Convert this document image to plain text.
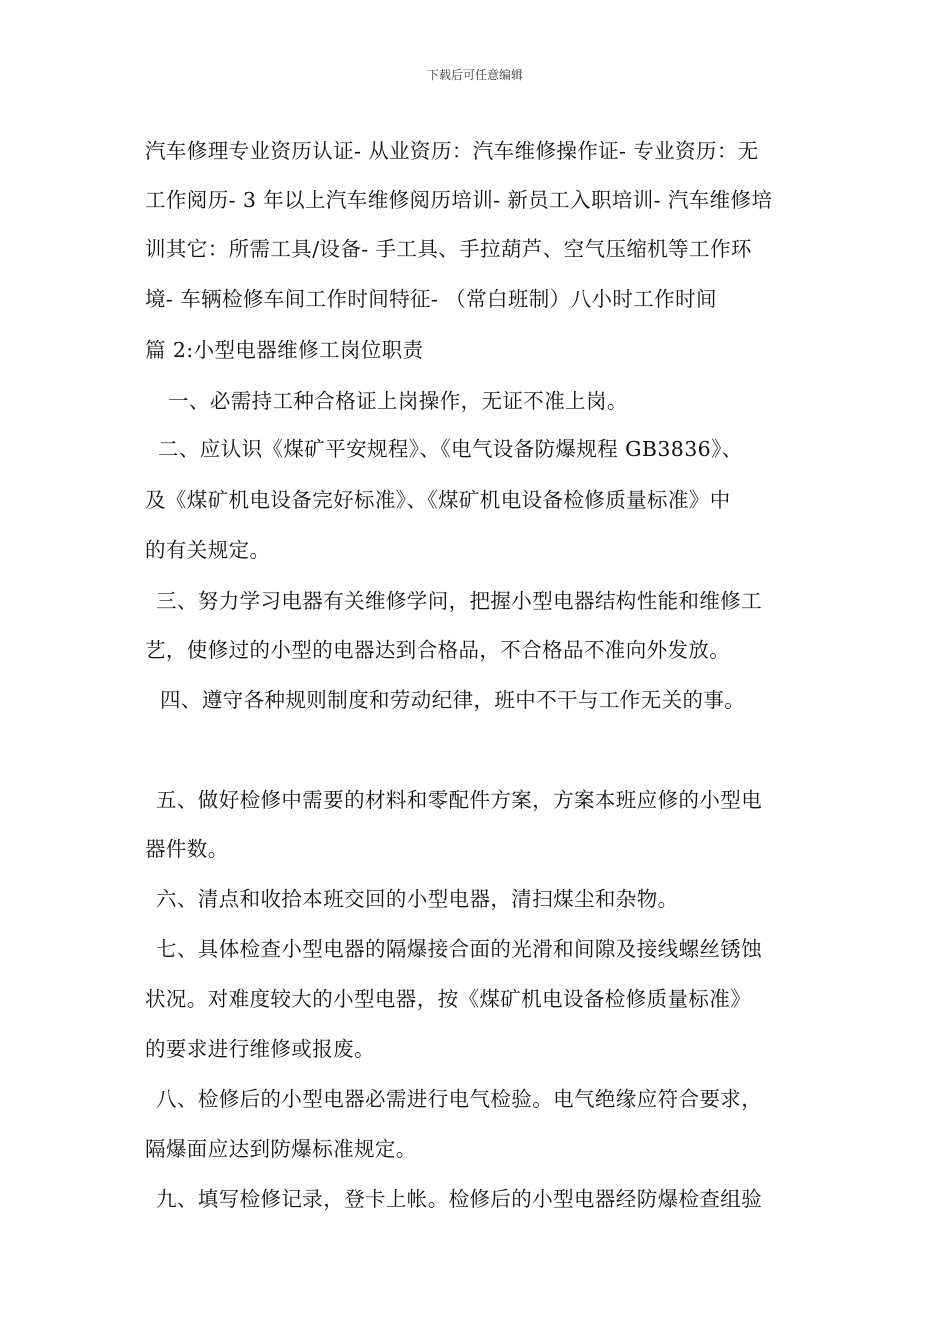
下载后可任意编辑
汽车修理专业资历认证- 从业资历：汽车维修操作证- 专业资历：无
工作阅历- 3 年以上汽车维修阅历培训- 新员工入职培训- 汽车维修培
训其它：所需工具/设备- 手工具、手拉葫芦、空气压缩机等工作环
境- 车辆检修车间工作时间特征- （常白班制）八小时工作时间
篇 2:小型电器维修工岗位职责
一、必需持工种合格证上岗操作，无证不准上岗。
二、应认识《煤矿平安规程》、《电气设备防爆规程 GB3836》、
及《煤矿机电设备完好标准》、《煤矿机电设备检修质量标准》中
的有关规定。
三、努力学习电器有关维修学问，把握小型电器结构性能和维修工
艺，使修过的小型的电器达到合格品，不合格品不准向外发放。
四、遵守各种规则制度和劳动纪律，班中不干与工作无关的事。
五、做好检修中需要的材料和零配件方案，方案本班应修的小型电
器件数。
六、清点和收拾本班交回的小型电器，清扫煤尘和杂物。
七、具体检查小型电器的隔爆接合面的光滑和间隙及接线螺丝锈蚀
状况。对难度较大的小型电器，按《煤矿机电设备检修质量标准》
的要求进行维修或报废。
八、检修后的小型电器必需进行电气检验。电气绝缘应符合要求，
隔爆面应达到防爆标准规定。
九、填写检修记录，登卡上帐。检修后的小型电器经防爆检查组验
